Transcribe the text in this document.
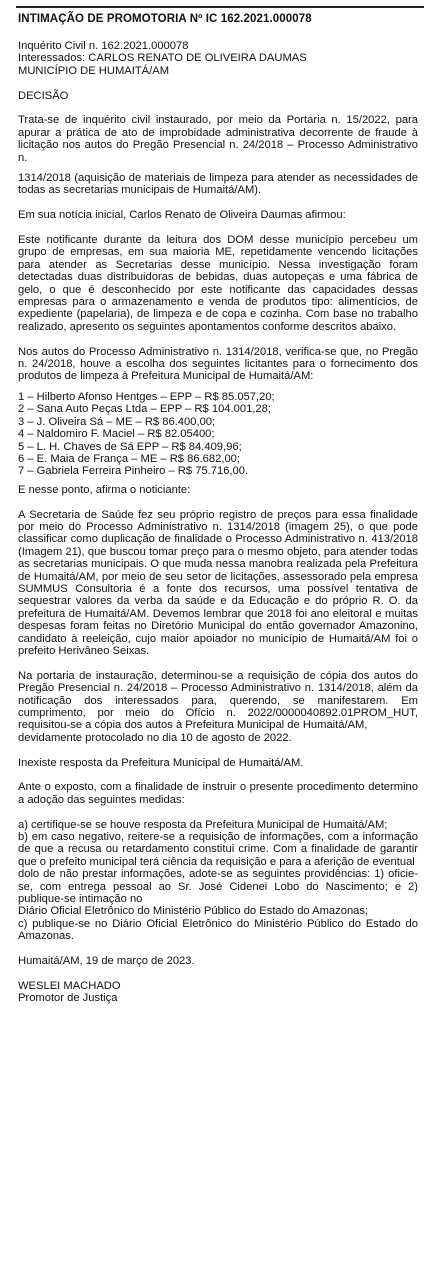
INTIMAÇÃO DE PROMOTORIA Nº IC 162.2021.000078

Inquérito Civil n. 162.2021.000078
Interessados: CARLOS RENATO DE OLIVEIRA DAUMAS
MUNICÍPIO DE HUMAITÁ/AM

DECISÃO

Trata-se de inquérito civil instaurado, por meio da Portaria n. 15/2022, para apurar a prática de ato de improbidade administrativa decorrente de fraude à licitação nos autos do Pregão Presencial n. 24/2018 – Processo Administrativo n.

1314/2018 (aquisição de materiais de limpeza para atender as necessidades de todas as secretarias municipais de Humaitá/AM).

Em sua notícia inicial, Carlos Renato de Oliveira Daumas afirmou:

Este notificante durante da leitura dos DOM desse município percebeu um grupo de empresas, em sua maioria ME, repetidamente vencendo licitações para atender as Secretarias desse município. Nessa investigação foram detectadas duas distribuidoras de bebidas, duas autopeças e uma fábrica de gelo, o que é desconhecido por este notificante das capacidades dessas empresas para o armazenamento e venda de produtos tipo: alimentícios, de expediente (papelaria), de limpeza e de copa e cozinha. Com base no trabalho realizado, apresento os seguintes apontamentos conforme descritos abaixo.

Nos autos do Processo Administrativo n. 1314/2018, verifica-se que, no Pregão n. 24/2018, houve a escolha dos seguintes licitantes para o fornecimento dos produtos de limpeza à Prefeitura Municipal de Humaitá/AM:

1 – Hilberto Afonso Hentges – EPP – R$ 85.057,20;
2 – Sana Auto Peças Ltda – EPP – R$ 104.001,28;
3 – J. Oliveira Sá – ME – R$ 86.400,00;
4 – Naldomiro F. Maciel – R$ 82.05400;
5 – L. H. Chaves de Sá EPP – R$ 84.409,96;
6 – E. Maia de França – ME – R$ 86.682,00;
7 – Gabriela Ferreira Pinheiro – R$ 75.716,00.

E nesse ponto, afirma o noticiante:

A Secretaria de Saúde fez seu próprio registro de preços para essa finalidade por meio do Processo Administrativo n. 1314/2018 (imagem 25), o que pode classificar como duplicação de finalidade o Processo Administrativo n. 413/2018 (Imagem 21), que buscou tomar preço para o mesmo objeto, para atender todas as secretarias municipais. O que muda nessa manobra realizada pela Prefeitura de Humaitá/AM, por meio de seu setor de licitações, assessorado pela empresa SUMMUS Consultoria é a fonte dos recursos, uma possível tentativa de sequestrar valores da verba da saúde e da Educação e do próprio R. O. da prefeitura de Humaitá/AM. Devemos lembrar que 2018 foi ano eleitoral e muitas despesas foram feitas no Diretório Municipal do então governador Amazonino, candidato à reeleição, cujo maior apoiador no município de Humaitá/AM foi o prefeito Herivâneo Seixas.

Na portaria de instauração, determinou-se a requisição de cópia dos autos do Pregão Presencial n. 24/2018 – Processo Administrativo n. 1314/2018, além da notificação dos interessados para, querendo, se manifestarem. Em cumprimento, por meio do Ofício n. 2022/0000040892.01PROM_HUT, requisitou-se a cópia dos autos à Prefeitura Municipal de Humaitá/AM,
devidamente protocolado no dia 10 de agosto de 2022.

Inexiste resposta da Prefeitura Municipal de Humaitá/AM.

Ante o exposto, com a finalidade de instruir o presente procedimento determino a adoção das seguintes medidas:

a) certifique-se se houve resposta da Prefeitura Municipal de Humaitá/AM;
b) em caso negativo, reitere-se a requisição de informações, com a informação de que a recusa ou retardamento constitui crime. Com a finalidade de garantir que o prefeito municipal terá ciência da requisição e para a aferição de eventual
dolo de não prestar informações, adote-se as seguintes providências: 1) oficie-se, com entrega pessoal ao Sr. José Cidenei Lobo do Nascimento; e 2) publique-se intimação no
Diário Oficial Eletrônico do Ministério Público do Estado do Amazonas;
c) publique-se no Diário Oficial Eletrônico do Ministério Público do Estado do Amazonas.

Humaitá/AM, 19 de março de 2023.

WESLEI MACHADO
Promotor de Justiça
